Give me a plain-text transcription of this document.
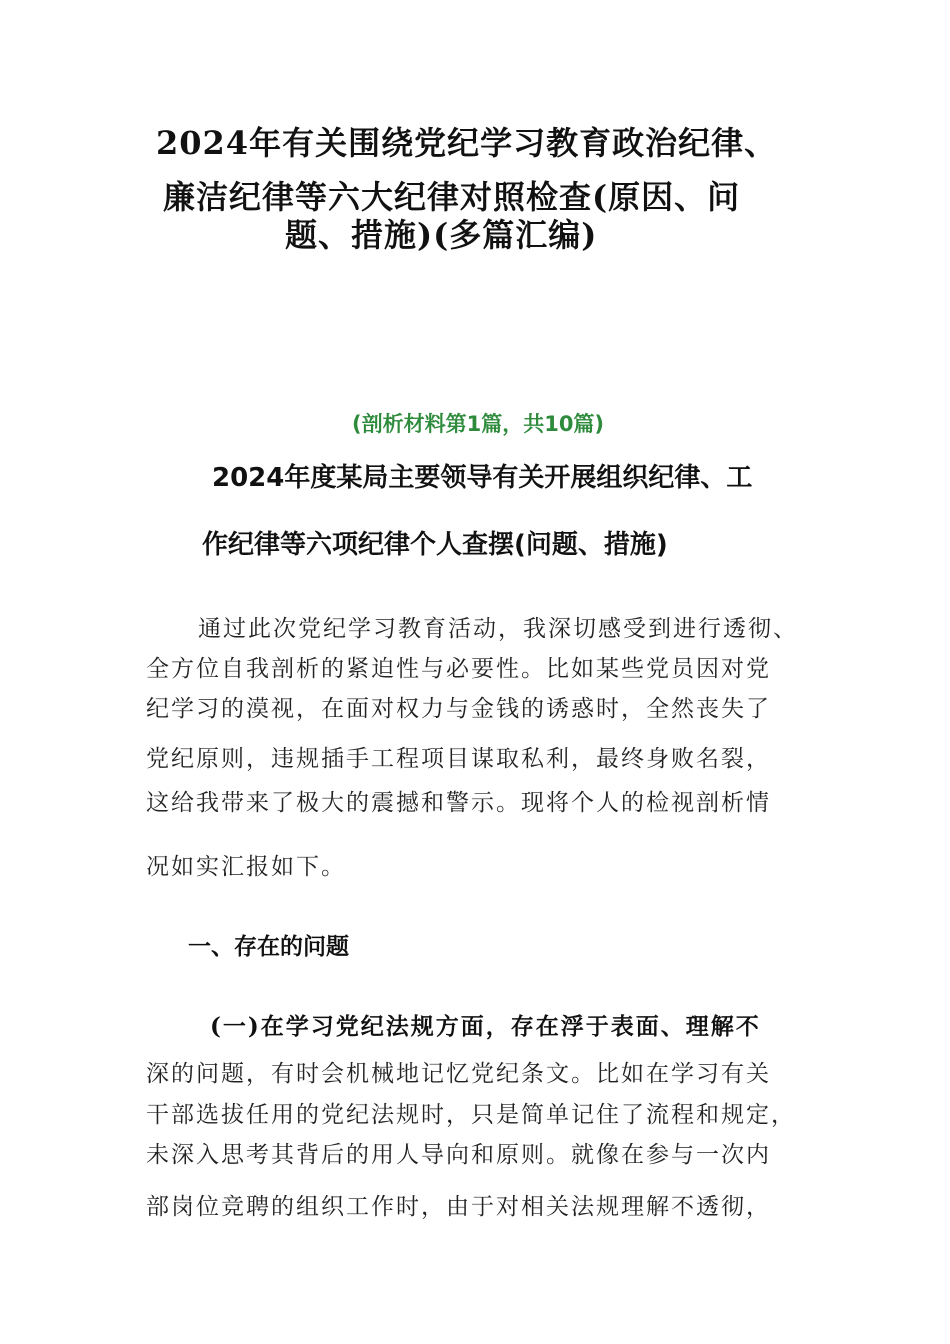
2024年有关围绕党纪学习教育政治纪律、
廉洁纪律等六大纪律对照检查(原因、问
题、措施)(多篇汇编)
(剖析材料第1篇，共10篇)
2024年度某局主要领导有关开展组织纪律、工
作纪律等六项纪律个人查摆(问题、措施)
通过此次党纪学习教育活动，我深切感受到进行透彻、
全方位自我剖析的紧迫性与必要性。比如某些党员因对党
纪学习的漠视，在面对权力与金钱的诱惑时，全然丧失了
党纪原则，违规插手工程项目谋取私利，最终身败名裂，
这给我带来了极大的震撼和警示。现将个人的检视剖析情
况如实汇报如下。
一、存在的问题
(一)在学习党纪法规方面，存在浮于表面、理解不
深的问题，有时会机械地记忆党纪条文。比如在学习有关
干部选拔任用的党纪法规时，只是简单记住了流程和规定，
未深入思考其背后的用人导向和原则。就像在参与一次内
部岗位竞聘的组织工作时，由于对相关法规理解不透彻，
